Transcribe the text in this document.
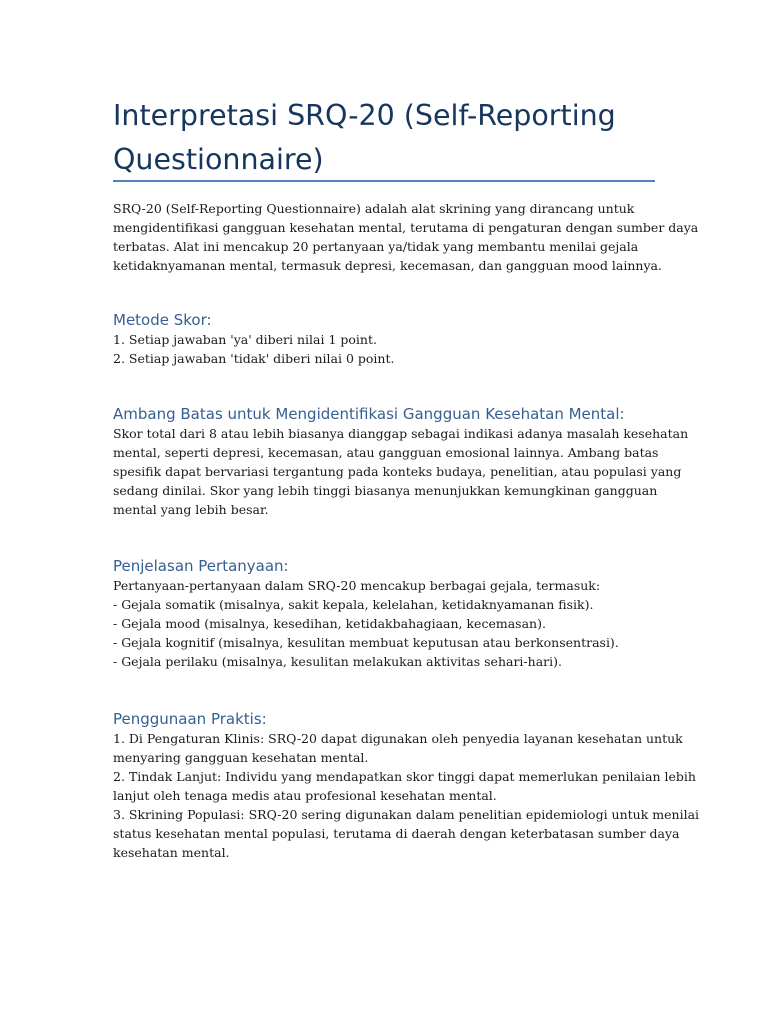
Interpretasi SRQ-20 (Self-Reporting
Questionnaire)

SRQ-20 (Self-Reporting Questionnaire) adalah alat skrining yang dirancang untuk
mengidentifikasi gangguan kesehatan mental, terutama di pengaturan dengan sumber daya
terbatas. Alat ini mencakup 20 pertanyaan ya/tidak yang membantu menilai gejala
ketidaknyamanan mental, termasuk depresi, kecemasan, dan gangguan mood lainnya.

Metode Skor:

1. Setiap jawaban 'ya' diberi nilai 1 point.
2. Setiap jawaban 'tidak' diberi nilai 0 point.

Ambang Batas untuk Mengidentifikasi Gangguan Kesehatan Mental:

Skor total dari 8 atau lebih biasanya dianggap sebagai indikasi adanya masalah kesehatan
mental, seperti depresi, kecemasan, atau gangguan emosional lainnya. Ambang batas
spesifik dapat bervariasi tergantung pada konteks budaya, penelitian, atau populasi yang
sedang dinilai. Skor yang lebih tinggi biasanya menunjukkan kemungkinan gangguan
mental yang lebih besar.

Penjelasan Pertanyaan:

Pertanyaan-pertanyaan dalam SRQ-20 mencakup berbagai gejala, termasuk:
- Gejala somatik (misalnya, sakit kepala, kelelahan, ketidaknyamanan fisik).
- Gejala mood (misalnya, kesedihan, ketidakbahagiaan, kecemasan).
- Gejala kognitif (misalnya, kesulitan membuat keputusan atau berkonsentrasi).
- Gejala perilaku (misalnya, kesulitan melakukan aktivitas sehari-hari).

Penggunaan Praktis:

1. Di Pengaturan Klinis: SRQ-20 dapat digunakan oleh penyedia layanan kesehatan untuk
menyaring gangguan kesehatan mental.
2. Tindak Lanjut: Individu yang mendapatkan skor tinggi dapat memerlukan penilaian lebih
lanjut oleh tenaga medis atau profesional kesehatan mental.
3. Skrining Populasi: SRQ-20 sering digunakan dalam penelitian epidemiologi untuk menilai
status kesehatan mental populasi, terutama di daerah dengan keterbatasan sumber daya
kesehatan mental.
